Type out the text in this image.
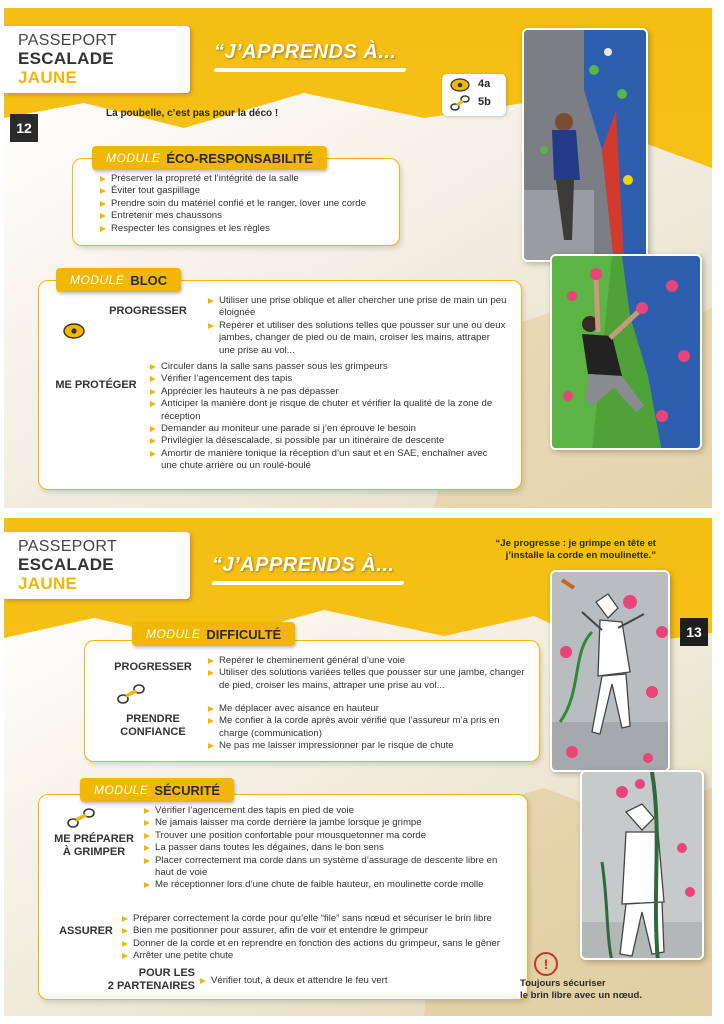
PASSEPORT
ESCALADE JAUNE
“J’APPRENDS À...
12
La poubelle, c’est pas pour la déco !
4a
5b
Préserver la propreté et l’intégrité de la salle
Éviter tout gaspillage
Prendre soin du matériel confié et le ranger, lover une corde
Entretenir mes chaussons
Respecter les consignes et les règles
MODULE ÉCO-RESPONSABILITÉ
PROGRESSER
Utiliser une prise oblique et aller chercher une prise de main un peu éloignée
Repérer et utiliser des solutions telles que pousser sur une ou deux jambes, changer de pied ou de main, croiser les mains, attraper une prise au vol...
ME PROTÉGER
Circuler dans la salle sans passer sous les grimpeurs
Vérifier l’agencement des tapis
Apprécier les hauteurs à ne pas dépasser
Anticiper la manière dont je risque de chuter et vérifier la qualité de la zone de réception
Demander au moniteur une parade si j’en éprouve le besoin
Privilégier la désescalade, si possible par un itinéraire de descente
Amortir de manière tonique la réception d’un saut et en SAE, enchaîner avec une chute arrière ou un roulé-boulé
MODULE BLOC
PASSEPORT
ESCALADE JAUNE
“J’APPRENDS À...
“Je progresse : je grimpe en tête et
j’installe la corde en moulinette.”
13
PROGRESSER
Repérer le cheminement général d’une voie
Utiliser des solutions variées telles que pousser sur une jambe, changer de pied, croiser les mains, attraper une prise au vol...
PRENDRE
CONFIANCE
Me déplacer avec aisance en hauteur
Me confier à la corde après avoir vérifié que l’assureur m’a pris en charge (communication)
Ne pas me laisser impressionner par le risque de chute
MODULE DIFFICULTÉ
ME PRÉPARER
À GRIMPER
Vérifier l’agencement des tapis en pied de voie
Ne jamais laisser ma corde derrière la jambe lorsque je grimpe
Trouver une position confortable pour mousquetonner ma corde
La passer dans toutes les dégaines, dans le bon sens
Placer correctement ma corde dans un système d’assurage de descente libre en haut de voie
Me réceptionner lors d’une chute de faible hauteur, en moulinette corde molle
ASSURER
Préparer correctement la corde pour qu’elle “file” sans nœud et sécuriser le brin libre
Bien me positionner pour assurer, afin de voir et entendre le grimpeur
Donner de la corde et en reprendre en fonction des actions du grimpeur, sans le gêner
Arrêter une petite chute
POUR LES
2 PARTENAIRES	Vérifier tout, à deux et attendre le feu vert
MODULE SÉCURITÉ
!
Toujours sécuriser
le brin libre avec un nœud.
